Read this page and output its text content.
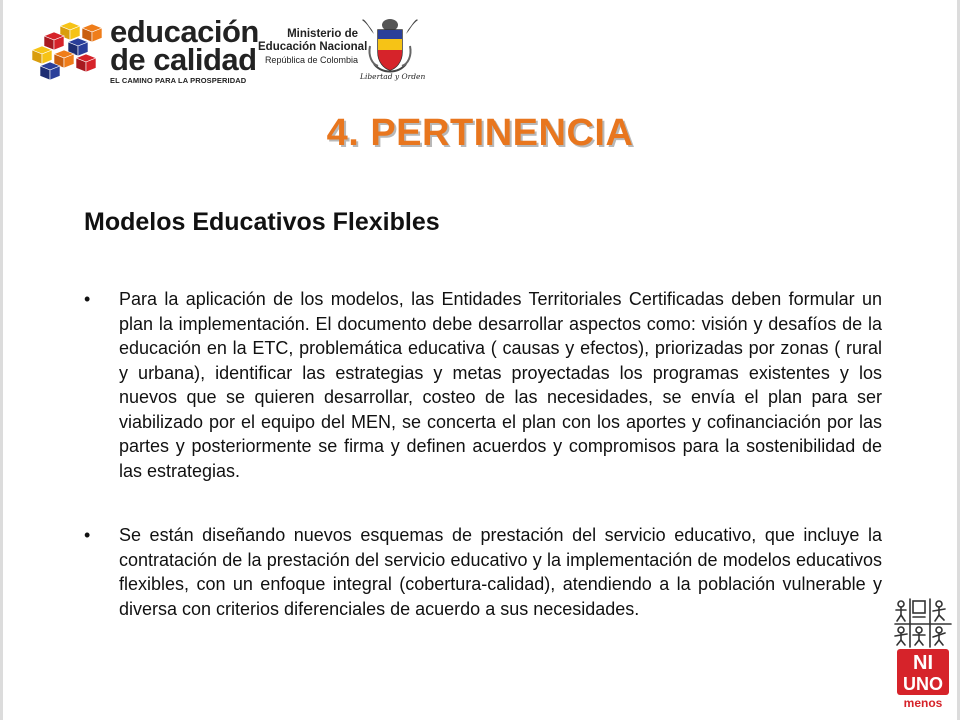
educación
de calidad
EL CAMINO PARA LA PROSPERIDAD
Ministerio de
Educación Nacional
República de Colombia
Libertad y Orden
4. PERTINENCIA
Modelos Educativos Flexibles
• Para la aplicación de los modelos, las Entidades Territoriales Certificadas deben formular un plan la implementación. El documento debe desarrollar aspectos como: visión y desafíos de la educación en la ETC, problemática educativa ( causas y efectos), priorizadas por zonas ( rural y urbana), identificar las estrategias y metas proyectadas los programas existentes y los nuevos que se quieren desarrollar, costeo de las necesidades, se envía el plan para ser viabilizado por el equipo del MEN, se concerta el plan con los aportes y cofinanciación por las partes y posteriormente se firma y definen acuerdos y compromisos para la sostenibilidad de las estrategias.
• Se están diseñando nuevos esquemas de prestación del servicio educativo, que incluye la contratación de la prestación del servicio educativo y la implementación de modelos educativos flexibles, con un enfoque integral (cobertura-calidad), atendiendo a la población vulnerable y diversa con criterios diferenciales de acuerdo a sus necesidades.
NI
UNO
menos
